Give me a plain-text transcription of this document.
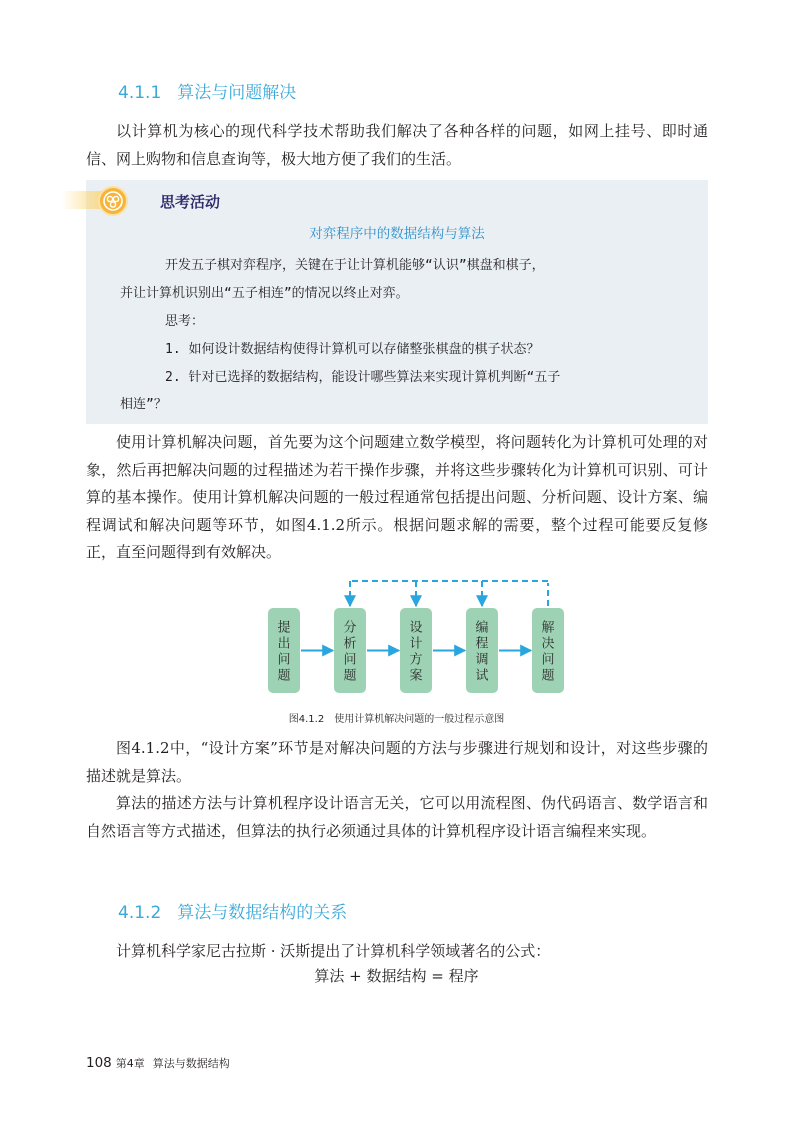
4.1.1 算法与问题解决

以计算机为核心的现代科学技术帮助我们解决了各种各样的问题，如网上挂号、即时通信、网上购物和信息查询等，极大地方便了我们的生活。

思考活动
对弈程序中的数据结构与算法
开发五子棋对弈程序，关键在于让计算机能够“认识”棋盘和棋子，
并让计算机识别出“五子相连”的情况以终止对弈。
思考：
1. 如何设计数据结构使得计算机可以存储整张棋盘的棋子状态？
2. 针对已选择的数据结构，能设计哪些算法来实现计算机判断“五子
相连”？

使用计算机解决问题，首先要为这个问题建立数学模型，将问题转化为计算机可处理的对象，然后再把解决问题的过程描述为若干操作步骤，并将这些步骤转化为计算机可识别、可计算的基本操作。使用计算机解决问题的一般过程通常包括提出问题、分析问题、设计方案、编程调试和解决问题等环节，如图4.1.2所示。根据问题求解的需要，整个过程可能要反复修正，直至问题得到有效解决。

提
出
问
题
分
析
问
题
设
计
方
案
编
程
调
试
解
决
问
题
图4.1.2　使用计算机解决问题的一般过程示意图

图4.1.2中，“设计方案”环节是对解决问题的方法与步骤进行规划和设计，对这些步骤的描述就是算法。

算法的描述方法与计算机程序设计语言无关，它可以用流程图、伪代码语言、数学语言和自然语言等方式描述，但算法的执行必须通过具体的计算机程序设计语言编程来实现。

4.1.2 算法与数据结构的关系

计算机科学家尼古拉斯 · 沃斯提出了计算机科学领域著名的公式：

算法 + 数据结构 = 程序
108 第4章 算法与数据结构
